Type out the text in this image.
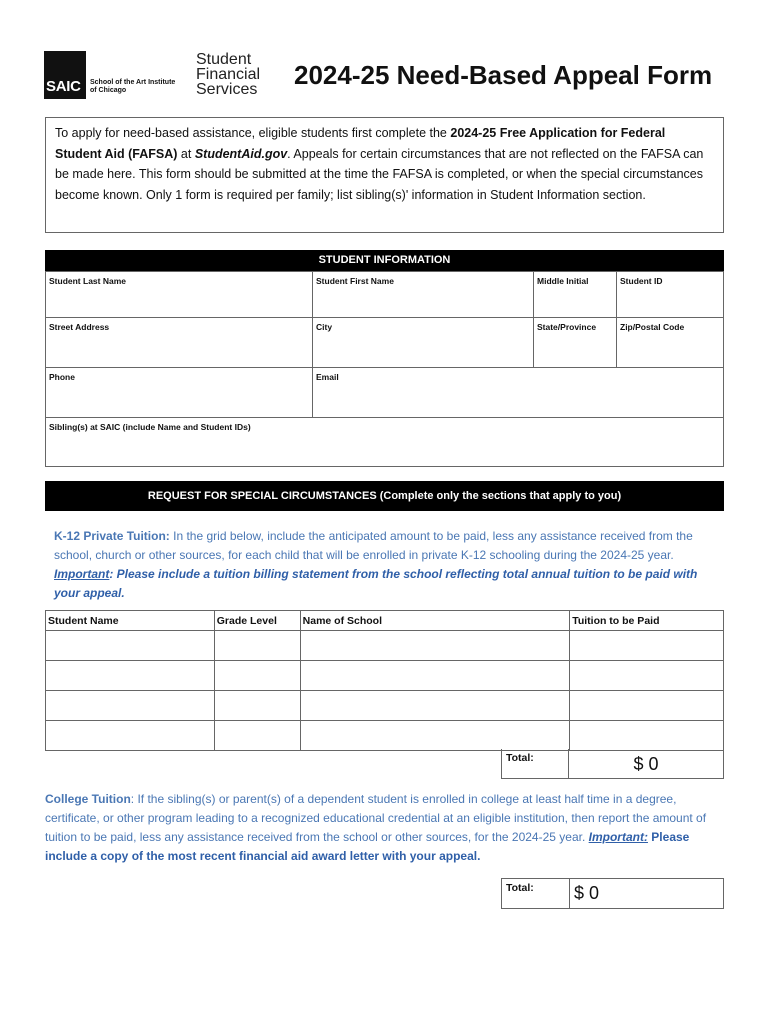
SAIC School of the Art Institute
of Chicago
Student
Financial
Services 2024-25 Need-Based Appeal Form
To apply for need-based assistance, eligible students first complete the 2024-25 Free Application for Federal Student Aid (FAFSA) at StudentAid.gov. Appeals for certain circumstances that are not reflected on the FAFSA can be made here. This form should be submitted at the time the FAFSA is completed, or when the special circumstances become known. Only 1 form is required per family; list sibling(s)' information in Student Information section.
STUDENT INFORMATION
Student Last Name	Student First Name	Middle Initial	Student ID
Street Address	City	State/Province	Zip/Postal Code
Phone	Email
Sibling(s) at SAIC (include Name and Student IDs)
REQUEST FOR SPECIAL CIRCUMSTANCES (Complete only the sections that apply to you)
K-12 Private Tuition: In the grid below, include the anticipated amount to be paid, less any assistance received from the school, church or other sources, for each child that will be enrolled in private K-12 schooling during the 2024-25 year. Important: Please include a tuition billing statement from the school reflecting total annual tuition to be paid with your appeal.
Student Name	Grade Level	Name of School	Tuition to be Paid

Total:	$ 0
College Tuition: If the sibling(s) or parent(s) of a dependent student is enrolled in college at least half time in a degree, certificate, or other program leading to a recognized educational credential at an eligible institution, then report the amount of tuition to be paid, less any assistance received from the school or other sources, for the 2024-25 year. Important: Please include a copy of the most recent financial aid award letter with your appeal.
Total:	$ 0
